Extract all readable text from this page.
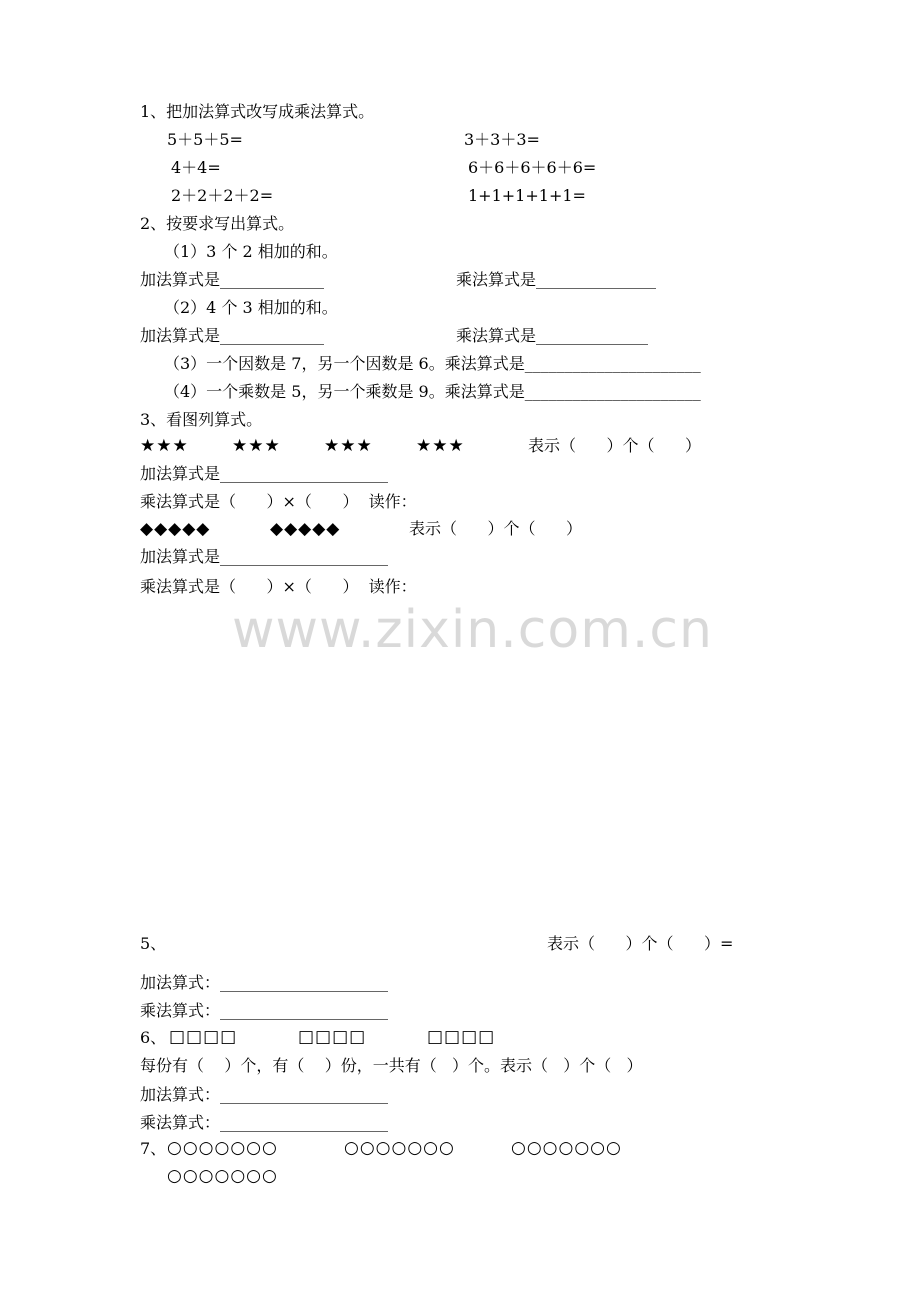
www.zixin.com.cn
1、把加法算式改写成乘法算式。
5＋5＋5=	3＋3＋3=
4＋4=	6＋6＋6＋6＋6=
2＋2＋2＋2=	1+1+1+1+1=
2、按要求写出算式。
（1）3 个 2 相加的和。
加法算式是_____________	乘法算式是_______________
（2）4 个 3 相加的和。
加法算式是_____________	乘法算式是______________
（3）一个因数是 7，另一个因数是 6。乘法算式是______________________
（4）一个乘数是 5，另一个乘数是 9。乘法算式是______________________
3、看图列算式。
★★★	★★★	★★★	★★★	表示（      ）个（      ）
加法算式是_____________________
乘法算式是（      ）×（      ）  读作：
◆◆◆◆◆	◆◆◆◆◆	表示（      ）个（      ）
加法算式是_____________________
乘法算式是（      ）×（      ）  读作：
5、	表示（      ）个（      ）=
加法算式：_____________________
乘法算式：_____________________
6、 □□□□	□□□□	□□□□
每份有（    ）个，有（    ）份，一共有（   ）个。表示（   ）个（   ）
加法算式：_____________________
乘法算式：_____________________
7、 ○○○○○○○	○○○○○○○	○○○○○○○
○○○○○○○
